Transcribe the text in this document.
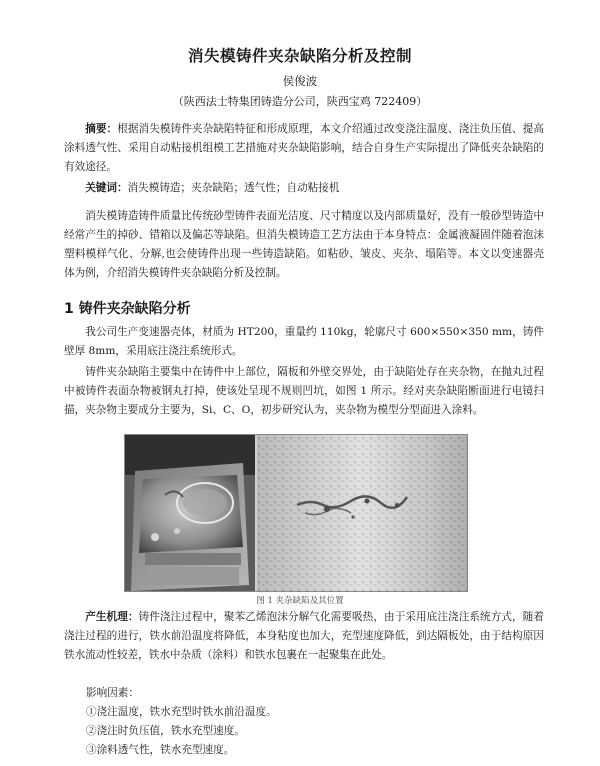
消失模铸件夹杂缺陷分析及控制
侯俊波
（陕西法士特集团铸造分公司，陕西宝鸡 722409）

摘要：根据消失模铸件夹杂缺陷特征和形成原理，本文介绍通过改变浇注温度、浇注负压值、提高涂料透气性、采用自动粘接机组模工艺措施对夹杂缺陷影响，结合自身生产实际提出了降低夹杂缺陷的有效途径。

关键词：消失模铸造；夹杂缺陷；透气性；自动粘接机

消失模铸造铸件质量比传统砂型铸件表面光洁度、尺寸精度以及内部质量好，没有一般砂型铸造中经常产生的掉砂、错箱以及偏芯等缺陷。但消失模铸造工艺方法由于本身特点：金属液凝固伴随着泡沫塑料模样气化、分解,也会使铸件出现一些铸造缺陷。如粘砂、皱皮、夹杂、塌陷等。本文以变速器壳体为例，介绍消失模铸件夹杂缺陷分析及控制。

1 铸件夹杂缺陷分析

我公司生产变速器壳体，材质为 HT200，重量约 110kg，轮廓尺寸 600×550×350 mm，铸件壁厚 8mm，采用底注浇注系统形式。

铸件夹杂缺陷主要集中在铸件中上部位，隔板和外壁交界处，由于缺陷处存在夹杂物，在抛丸过程中被铸件表面杂物被钢丸打掉，使该处呈现不规则凹坑，如图 1 所示。经对夹杂缺陷断面进行电镜扫描，夹杂物主要成分主要为，Si、C、O，初步研究认为，夹杂物为模型分型面进入涂料。

图 1 夹杂缺陷及其位置

产生机理：铸件浇注过程中，聚苯乙烯泡沫分解气化需要吸热，由于采用底注浇注系统方式，随着浇注过程的进行，铁水前沿温度将降低，本身粘度也加大，充型速度降低，到达隔板处，由于结构原因铁水流动性较差，铁水中杂质（涂料）和铁水包裹在一起聚集在此处。

影响因素：
①浇注温度，铁水充型时铁水前沿温度。
②浇注时负压值，铁水充型速度。
③涂料透气性，铁水充型速度。
